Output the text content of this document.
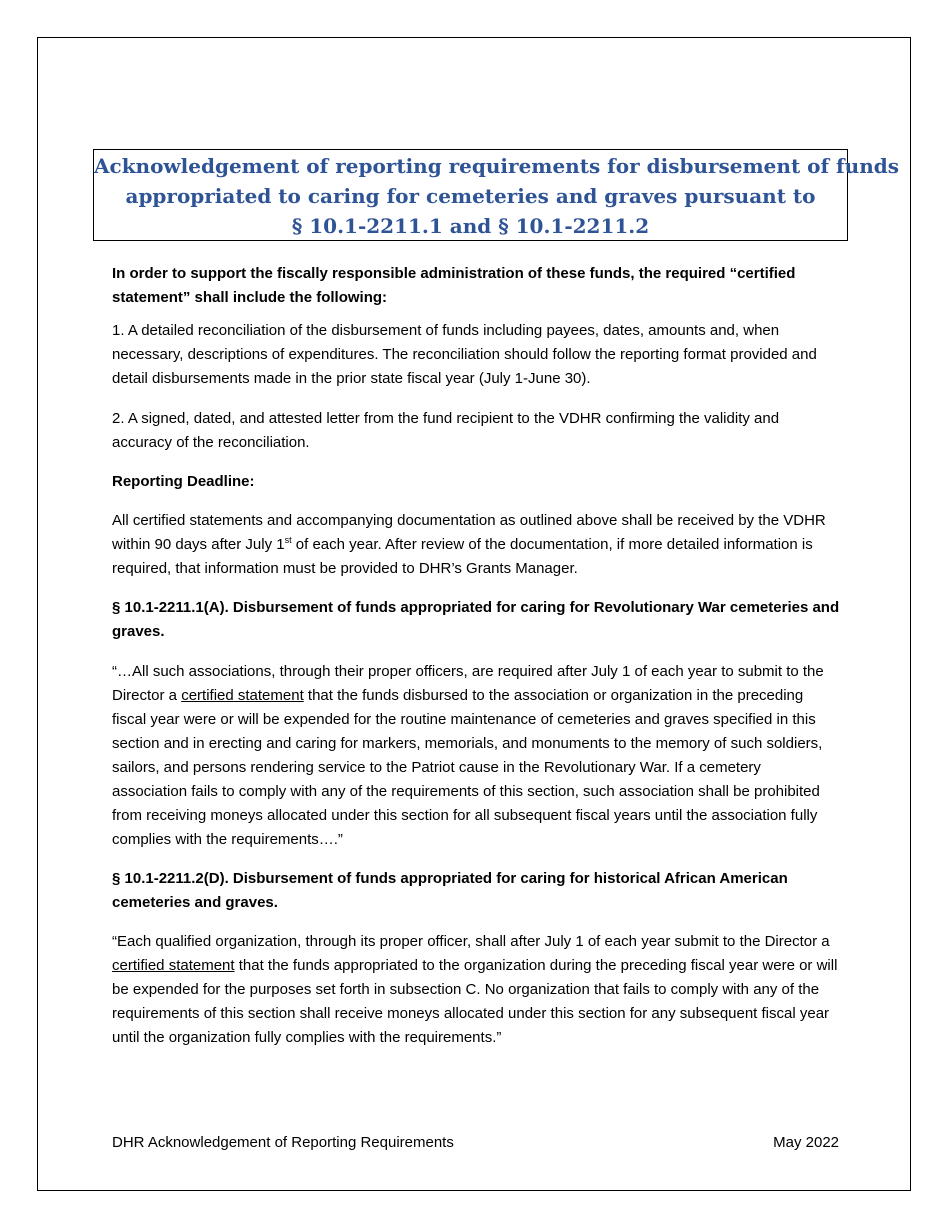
Acknowledgement of reporting requirements for disbursement of funds
appropriated to caring for cemeteries and graves pursuant to
§ 10.1-2211.1 and § 10.1-2211.2

In order to support the fiscally responsible administration of these funds, the required “certified statement” shall include the following:

1. A detailed reconciliation of the disbursement of funds including payees, dates, amounts and, when necessary, descriptions of expenditures. The reconciliation should follow the reporting format provided and detail disbursements made in the prior state fiscal year (July 1-June 30).

2. A signed, dated, and attested letter from the fund recipient to the VDHR confirming the validity and accuracy of the reconciliation.

Reporting Deadline:

All certified statements and accompanying documentation as outlined above shall be received by the VDHR within 90 days after July 1st of each year. After review of the documentation, if more detailed information is required, that information must be provided to DHR’s Grants Manager.

§ 10.1-2211.1(A). Disbursement of funds appropriated for caring for Revolutionary War cemeteries and graves.

“…All such associations, through their proper officers, are required after July 1 of each year to submit to the Director a certified statement that the funds disbursed to the association or organization in the preceding fiscal year were or will be expended for the routine maintenance of cemeteries and graves specified in this section and in erecting and caring for markers, memorials, and monuments to the memory of such soldiers, sailors, and persons rendering service to the Patriot cause in the Revolutionary War. If a cemetery association fails to comply with any of the requirements of this section, such association shall be prohibited from receiving moneys allocated under this section for all subsequent fiscal years until the association fully complies with the requirements….”

§ 10.1-2211.2(D). Disbursement of funds appropriated for caring for historical African American cemeteries and graves.

“Each qualified organization, through its proper officer, shall after July 1 of each year submit to the Director a certified statement that the funds appropriated to the organization during the preceding fiscal year were or will be expended for the purposes set forth in subsection C. No organization that fails to comply with any of the requirements of this section shall receive moneys allocated under this section for any subsequent fiscal year until the organization fully complies with the requirements.”

DHR Acknowledgement of Reporting Requirements	May 2022
